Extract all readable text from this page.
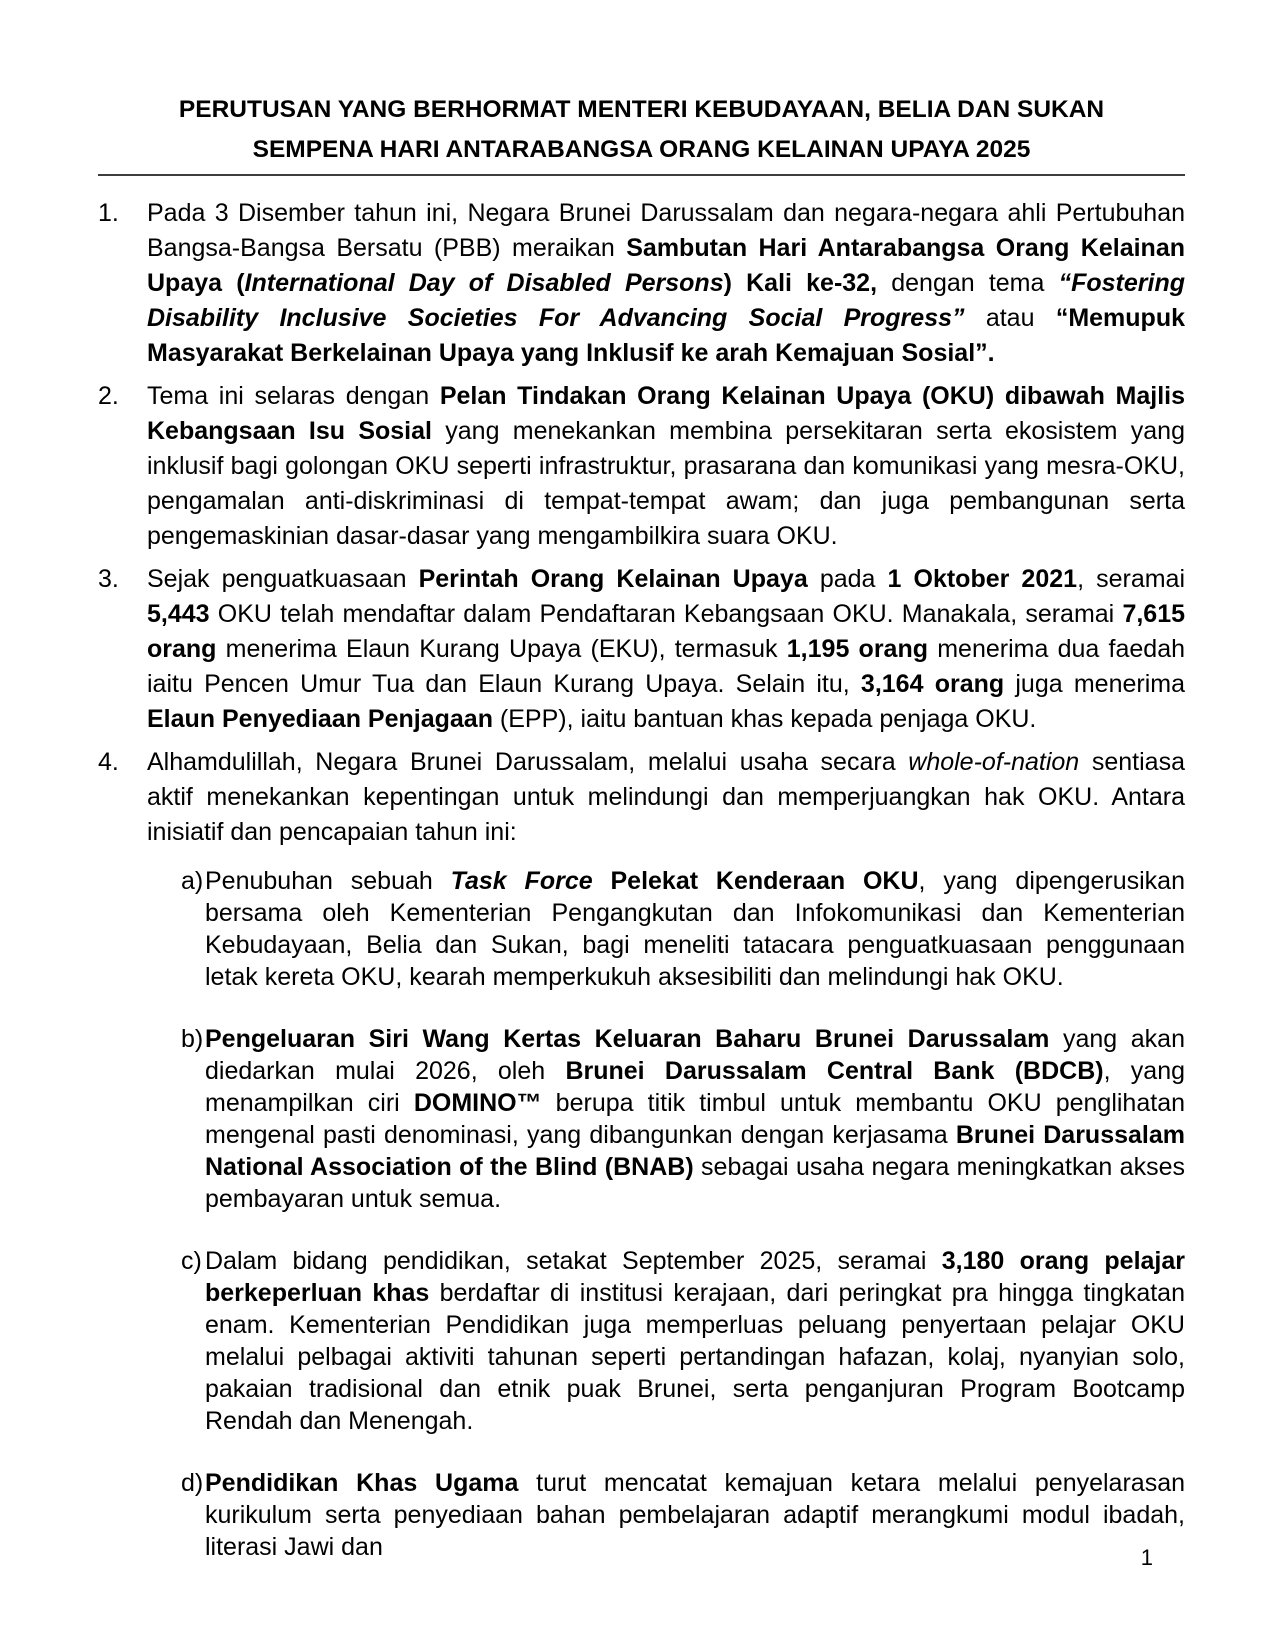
PERUTUSAN YANG BERHORMAT MENTERI KEBUDAYAAN, BELIA DAN SUKAN
SEMPENA HARI ANTARABANGSA ORANG KELAINAN UPAYA 2025
1.	Pada 3 Disember tahun ini, Negara Brunei Darussalam dan negara-negara ahli Pertubuhan Bangsa-Bangsa Bersatu (PBB) meraikan Sambutan Hari Antarabangsa Orang Kelainan Upaya (International Day of Disabled Persons) Kali ke-32, dengan tema “Fostering Disability Inclusive Societies For Advancing Social Progress” atau “Memupuk Masyarakat Berkelainan Upaya yang Inklusif ke arah Kemajuan Sosial”.
2.	Tema ini selaras dengan Pelan Tindakan Orang Kelainan Upaya (OKU) dibawah Majlis Kebangsaan Isu Sosial yang menekankan membina persekitaran serta ekosistem yang inklusif bagi golongan OKU seperti infrastruktur, prasarana dan komunikasi yang mesra-OKU, pengamalan anti-diskriminasi di tempat-tempat awam; dan juga pembangunan serta pengemaskinian dasar-dasar yang mengambilkira suara OKU.
3.	Sejak penguatkuasaan Perintah Orang Kelainan Upaya pada 1 Oktober 2021, seramai 5,443 OKU telah mendaftar dalam Pendaftaran Kebangsaan OKU. Manakala, seramai 7,615 orang menerima Elaun Kurang Upaya (EKU), termasuk 1,195 orang menerima dua faedah iaitu Pencen Umur Tua dan Elaun Kurang Upaya. Selain itu, 3,164 orang juga menerima Elaun Penyediaan Penjagaan (EPP), iaitu bantuan khas kepada penjaga OKU.
4.	Alhamdulillah, Negara Brunei Darussalam, melalui usaha secara whole-of-nation sentiasa aktif menekankan kepentingan untuk melindungi dan memperjuangkan hak OKU. Antara inisiatif dan pencapaian tahun ini:
a) Penubuhan sebuah Task Force Pelekat Kenderaan OKU, yang dipengerusikan bersama oleh Kementerian Pengangkutan dan Infokomunikasi dan Kementerian Kebudayaan, Belia dan Sukan, bagi meneliti tatacara penguatkuasaan penggunaan letak kereta OKU, kearah memperkukuh aksesibiliti dan melindungi hak OKU.
b) Pengeluaran Siri Wang Kertas Keluaran Baharu Brunei Darussalam yang akan diedarkan mulai 2026, oleh Brunei Darussalam Central Bank (BDCB), yang menampilkan ciri DOMINO™ berupa titik timbul untuk membantu OKU penglihatan mengenal pasti denominasi, yang dibangunkan dengan kerjasama Brunei Darussalam National Association of the Blind (BNAB) sebagai usaha negara meningkatkan akses pembayaran untuk semua.
c) Dalam bidang pendidikan, setakat September 2025, seramai 3,180 orang pelajar berkeperluan khas berdaftar di institusi kerajaan, dari peringkat pra hingga tingkatan enam. Kementerian Pendidikan juga memperluas peluang penyertaan pelajar OKU melalui pelbagai aktiviti tahunan seperti pertandingan hafazan, kolaj, nyanyian solo, pakaian tradisional dan etnik puak Brunei, serta penganjuran Program Bootcamp Rendah dan Menengah.
d) Pendidikan Khas Ugama turut mencatat kemajuan ketara melalui penyelarasan kurikulum serta penyediaan bahan pembelajaran adaptif merangkumi modul ibadah, literasi Jawi dan	1
